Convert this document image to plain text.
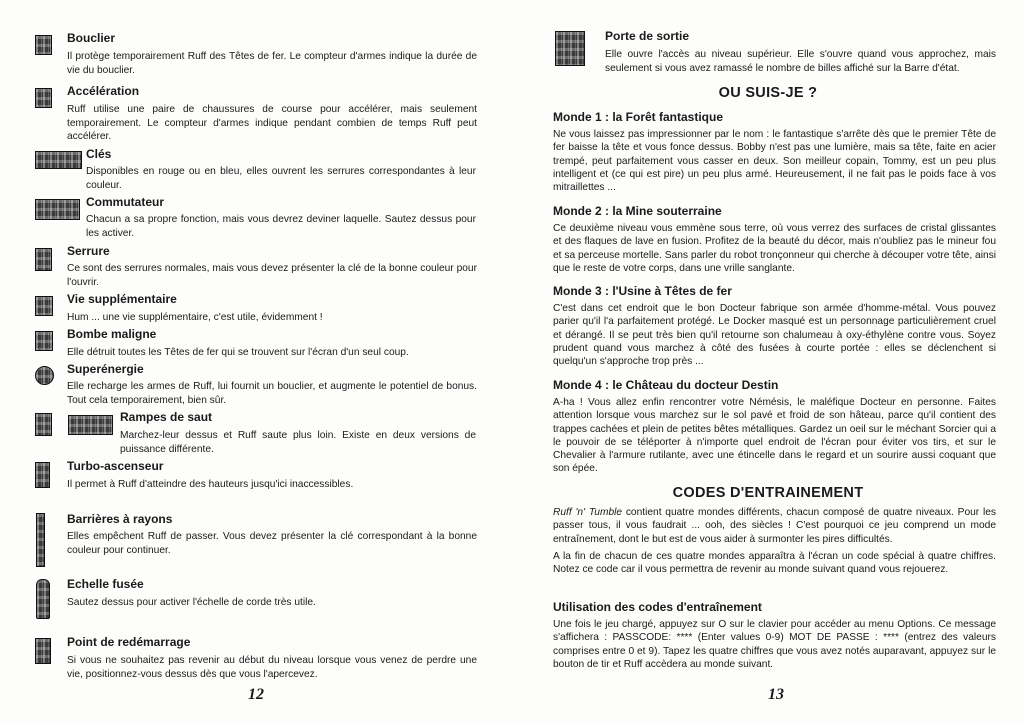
Bouclier
Il protège temporairement Ruff des Têtes de fer. Le compteur d'armes indique la durée de vie du bouclier.
Accélération
Ruff utilise une paire de chaussures de course pour accélérer, mais seulement temporairement. Le compteur d'armes indique pendant combien de temps Ruff peut accélérer.
Clés
Disponibles en rouge ou en bleu, elles ouvrent les serrures correspondantes à leur couleur.
Commutateur
Chacun a sa propre fonction, mais vous devrez deviner laquelle. Sautez dessus pour les activer.
Serrure
Ce sont des serrures normales, mais vous devez présenter la clé de la bonne couleur pour l'ouvrir.
Vie supplémentaire
Hum ... une vie supplémentaire, c'est utile, évidemment !
Bombe maligne
Elle détruit toutes les Têtes de fer qui se trouvent sur l'écran d'un seul coup.
Superénergie
Elle recharge les armes de Ruff, lui fournit un bouclier, et augmente le potentiel de bonus. Tout cela temporairement, bien sûr.
Rampes de saut
Marchez-leur dessus et Ruff saute plus loin. Existe en deux versions de puissance différente.
Turbo-ascenseur
Il permet à Ruff d'atteindre des hauteurs jusqu'ici inaccessibles.
Barrières à rayons
Elles empêchent Ruff de passer. Vous devez présenter la clé correspondant à la bonne couleur pour continuer.
Echelle fusée
Sautez dessus pour activer l'échelle de corde très utile.
Point de redémarrage
Si vous ne souhaitez pas revenir au début du niveau lorsque vous venez de perdre une vie, positionnez-vous dessus dès que vous l'apercevez.
12
Porte de sortie
Elle ouvre l'accès au niveau supérieur. Elle s'ouvre quand vous approchez, mais seulement si vous avez ramassé le nombre de billes affiché sur la Barre d'état.
OU SUIS-JE ?
Monde 1 : la Forêt fantastique
Ne vous laissez pas impressionner par le nom : le fantastique s'arrête dès que le premier Tête de fer baisse la tête et vous fonce dessus. Bobby n'est pas une lumière, mais sa tête, faite en acier trempé, peut parfaitement vous casser en deux. Son meilleur copain, Tommy, est un peu plus intelligent et (ce qui est pire) un peu plus armé. Heureusement, il ne fait pas le poids face à vos mitraillettes ...
Monde 2 : la Mine souterraine
Ce deuxième niveau vous emmène sous terre, où vous verrez des surfaces de cristal glissantes et des flaques de lave en fusion. Profitez de la beauté du décor, mais n'oubliez pas le mineur fou et sa perceuse mortelle. Sans parler du robot tronçonneur qui cherche à découper votre tête, ainsi que le reste de votre corps, dans une vrille sanglante.
Monde 3 : l'Usine à Têtes de fer
C'est dans cet endroit que le bon Docteur fabrique son armée d'homme-métal. Vous pouvez parier qu'il l'a parfaitement protégé. Le Docker masqué est un personnage particulièrement cruel et dérangé. Il se peut très bien qu'il retourne son chalumeau à oxy-éthylène contre vous. Soyez prudent quand vous marchez à côté des fusées à courte portée : elles se déclenchent si quelqu'un s'approche trop près ...
Monde 4 : le Château du docteur Destin
A-ha ! Vous allez enfin rencontrer votre Némésis, le maléfique Docteur en personne. Faites attention lorsque vous marchez sur le sol pavé et froid de son hâteau, parce qu'il contient des trappes cachées et plein de petites bêtes métalliques. Gardez un oeil sur le méchant Sorcier qui a le pouvoir de se téléporter à n'importe quel endroit de l'écran pour éviter vos tirs, et sur le Chevalier à l'armure rutilante, avec une étincelle dans le regard et un sourire aussi coquant que son épée.
CODES D'ENTRAINEMENT
Ruff 'n' Tumble contient quatre mondes différents, chacun composé de quatre niveaux. Pour les passer tous, il vous faudrait ... ooh, des siècles ! C'est pourquoi ce jeu comprend un mode entraînement, dont le but est de vous aider à surmonter les pires difficultés.
A la fin de chacun de ces quatre mondes apparaîtra à l'écran un code spécial à quatre chiffres. Notez ce code car il vous permettra de revenir au monde suivant quand vous rejouerez.
Utilisation des codes d'entraînement
Une fois le jeu chargé, appuyez sur O sur le clavier pour accéder au menu Options. Ce message s'affichera : PASSCODE: **** (Enter values 0-9) MOT DE PASSE : **** (entrez des valeurs comprises entre 0 et 9). Tapez les quatre chiffres que vous avez notés auparavant, appuyez sur le bouton de tir et Ruff accèdera au monde suivant.
13
